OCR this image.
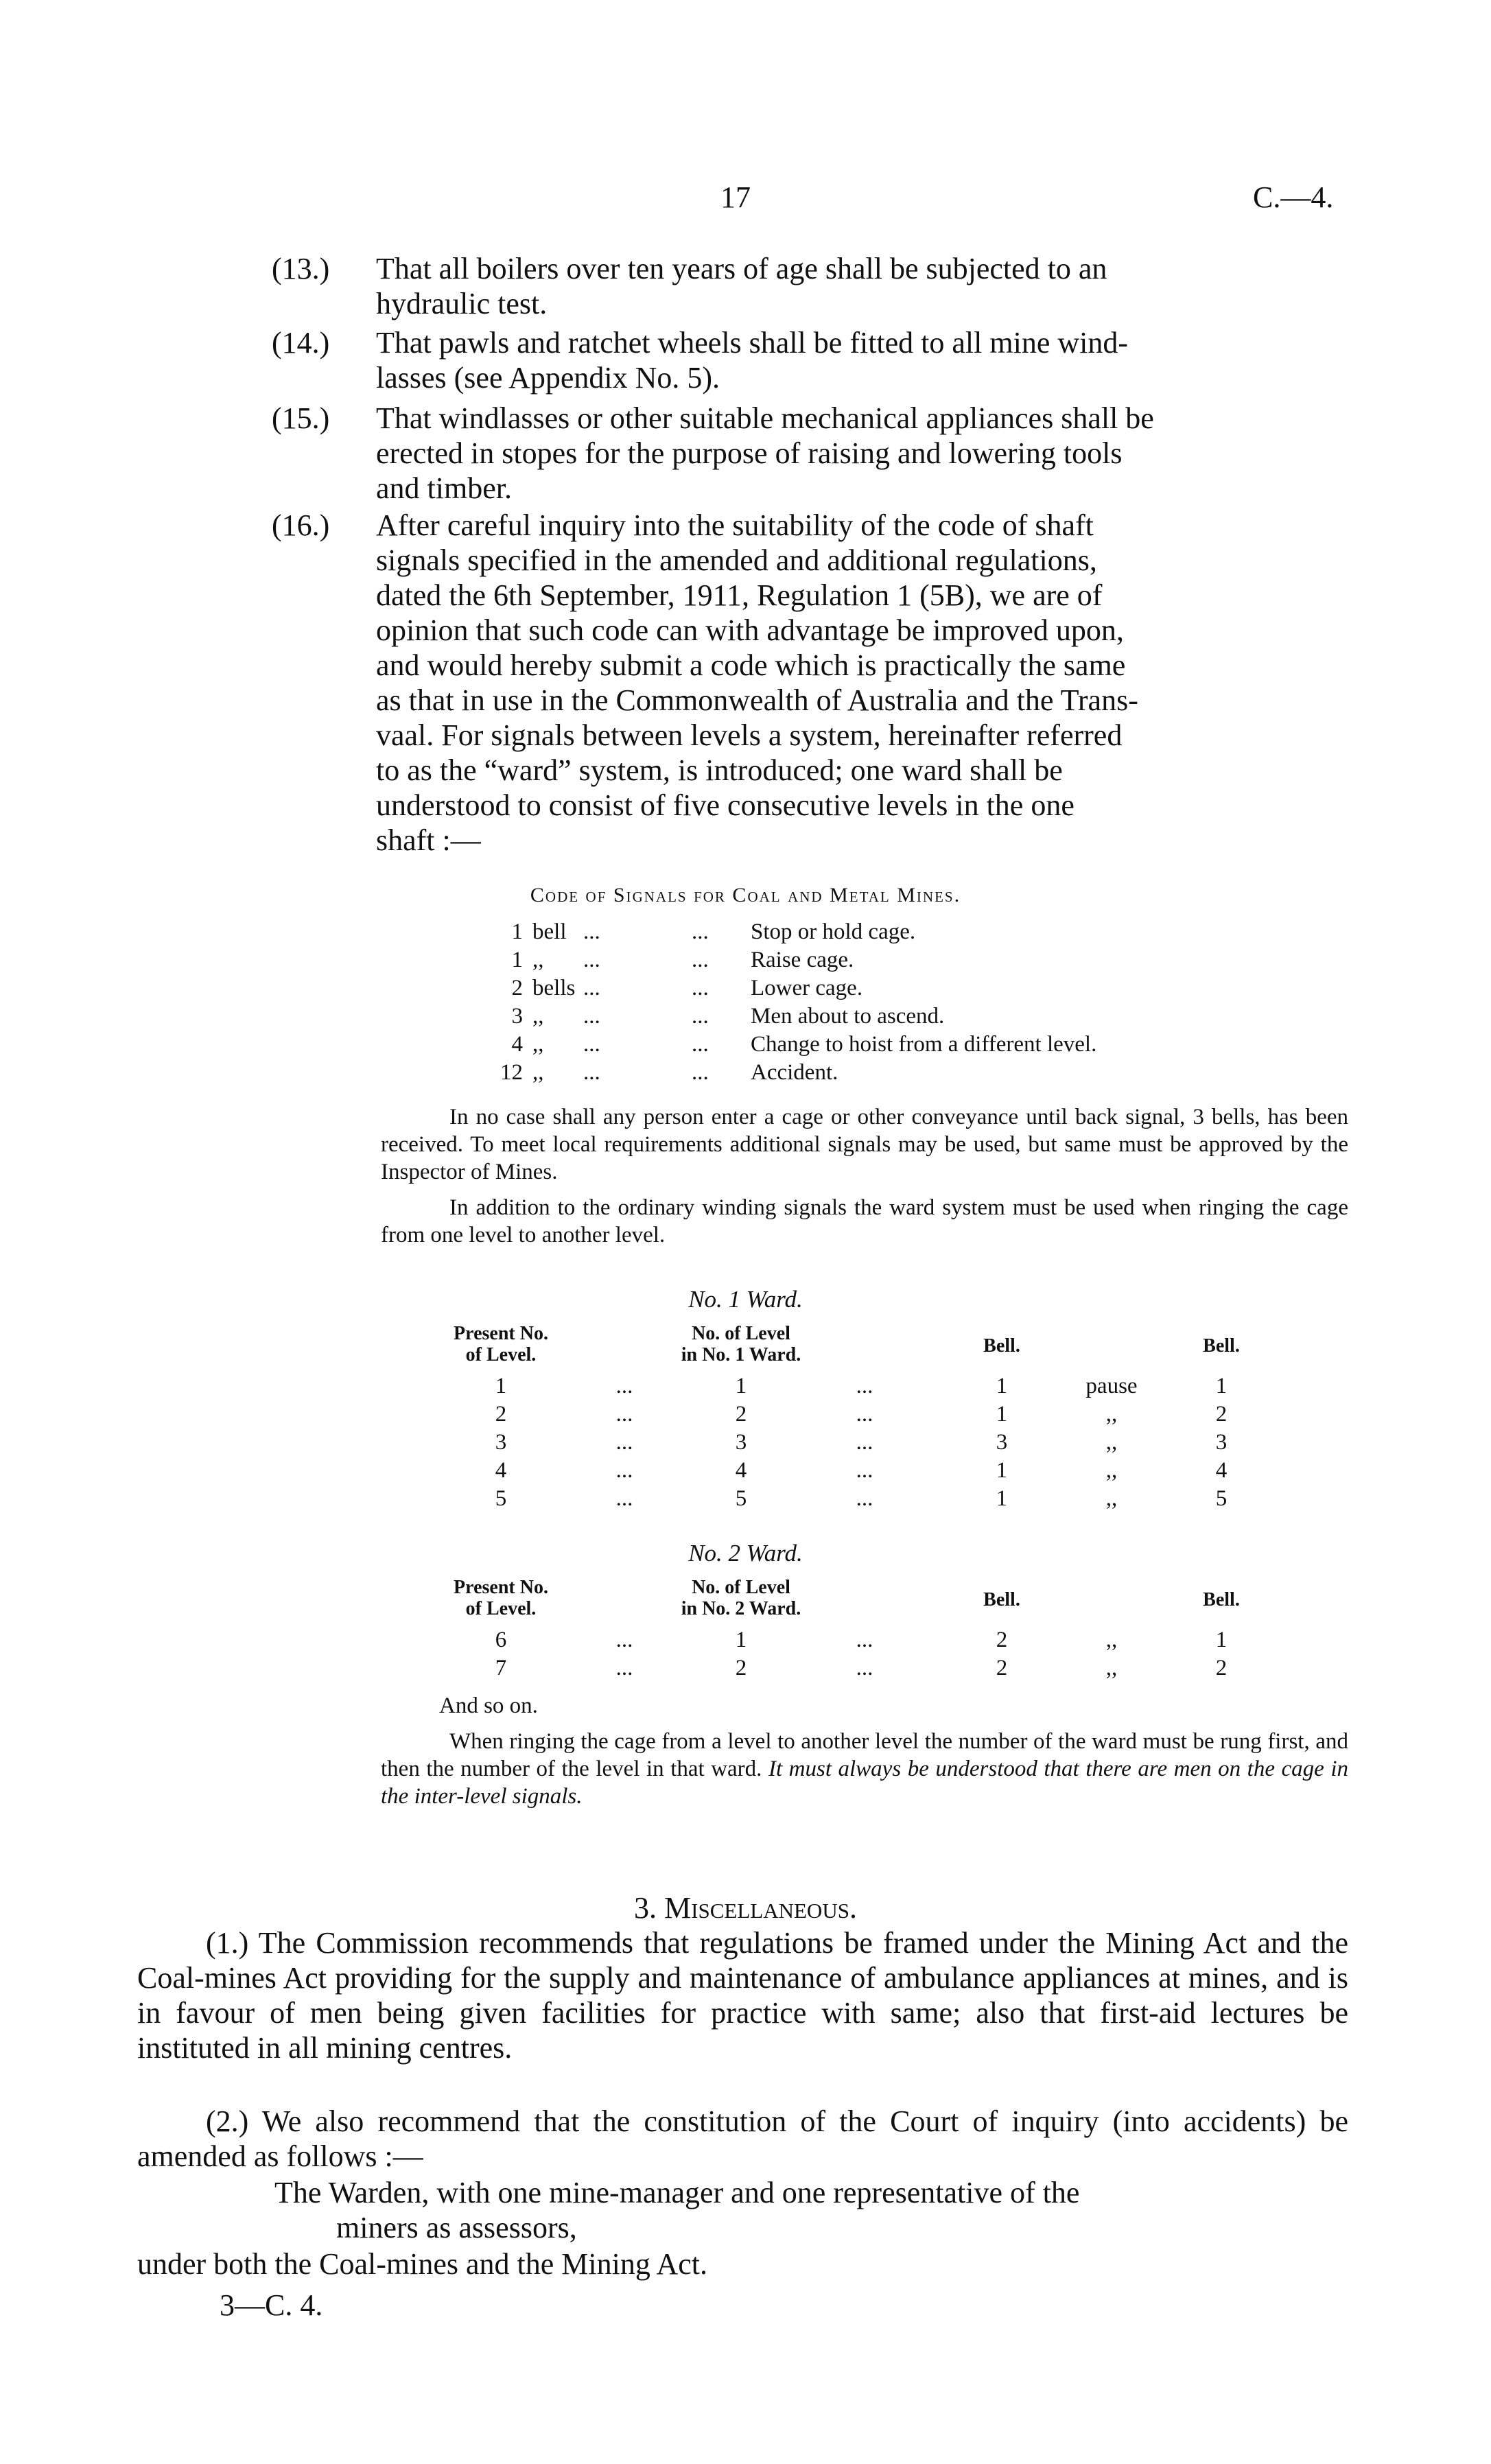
17	C.—4.
(13.) That all boilers over ten years of age shall be subjected to an
hydraulic test.
(14.) That pawls and ratchet wheels shall be fitted to all mine wind-
lasses (see Appendix No. 5).
(15.) That windlasses or other suitable mechanical appliances shall be
erected in stopes for the purpose of raising and lowering tools
and timber.
(16.) After careful inquiry into the suitability of the code of shaft
signals specified in the amended and additional regulations,
dated the 6th September, 1911, Regulation 1 (5B), we are of
opinion that such code can with advantage be improved upon,
and would hereby submit a code which is practically the same
as that in use in the Commonwealth of Australia and the Trans-
vaal. For signals between levels a system, hereinafter referred
to as the “ward” system, is introduced; one ward shall be
understood to consist of five consecutive levels in the one
shaft :—
Code of Signals for Coal and Metal Mines.
1 bell ...	... Stop or hold cage.
1 ,, ...	... Raise cage.
2 bells ...	... Lower cage.
3 ,, ...	... Men about to ascend.
4 ,, ...	... Change to hoist from a different level.
12 ,, ...	... Accident.
In no case shall any person enter a cage or other conveyance until back signal, 3 bells, has been received. To meet local requirements additional signals may be used, but same must be approved by the Inspector of Mines.
In addition to the ordinary winding signals the ward system must be used when ringing the cage from one level to another level.
No. 1 Ward.
Present No.
of Level.
No. of Level
in No. 1 Ward.	Bell.	Bell.
1	...	1	...	1	pause	1
2	...	2	...	1	,,	2
3	...	3	...	3	,,	3
4	...	4	...	1	,,	4
5	...	5	...	1	,,	5
No. 2 Ward.
Present No.
of Level.
No. of Level
in No. 2 Ward.	Bell.	Bell.
6	...	1	...	2	,,	1
7	...	2	...	2	,,	2
And so on.
When ringing the cage from a level to another level the number of the ward must be rung first, and then the number of the level in that ward. It must always be understood that there are men on the cage in the inter-level signals.
3. Miscellaneous.
(1.) The Commission recommends that regulations be framed under the Mining Act and the Coal-mines Act providing for the supply and maintenance of ambulance appliances at mines, and is in favour of men being given facilities for practice with same; also that first-aid lectures be instituted in all mining centres.
(2.) We also recommend that the constitution of the Court of inquiry (into accidents) be amended as follows :—
The Warden, with one mine-manager and one representative of the
miners as assessors,
under both the Coal-mines and the Mining Act.
3—C. 4.
